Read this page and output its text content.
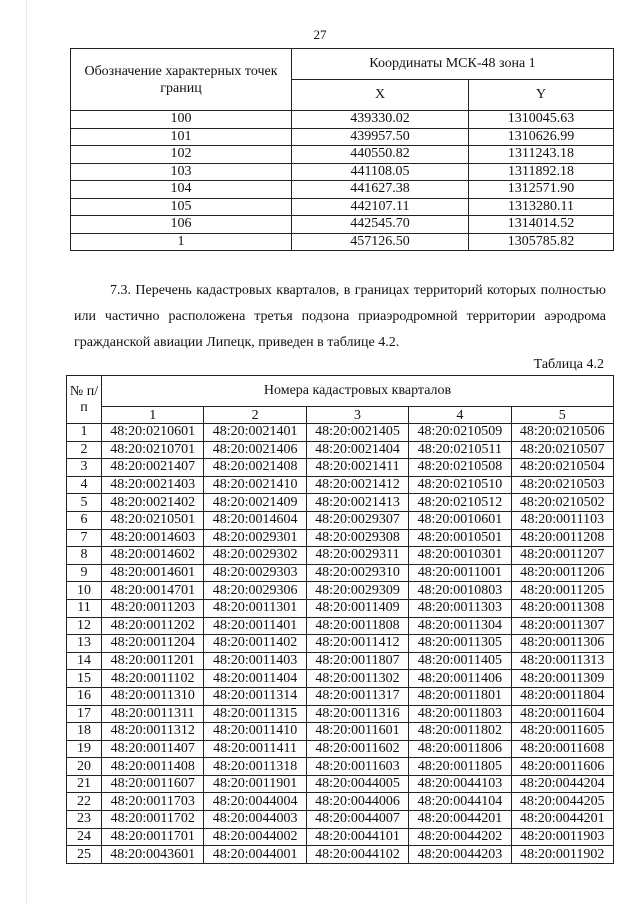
27
Обозначение характерных точек границ	Координаты МСК-48 зона 1	
	X	Y
100	439330.02	1310045.63
101	439957.50	1310626.99
102	440550.82	1311243.18
103	441108.05	1311892.18
104	441627.38	1312571.90
105	442107.11	1313280.11
106	442545.70	1314014.52
1	457126.50	1305785.82
7.3. Перечень кадастровых кварталов, в границах территорий которых полностью или частично расположена третья подзона приаэродромной территории аэродрома гражданской авиации Липецк, приведен в таблице 4.2.
Таблица 4.2
№ п/п	Номера кадастровых кварталов				
	1	2	3	4	5
1	48:20:0210601	48:20:0021401	48:20:0021405	48:20:0210509	48:20:0210506
2	48:20:0210701	48:20:0021406	48:20:0021404	48:20:0210511	48:20:0210507
3	48:20:0021407	48:20:0021408	48:20:0021411	48:20:0210508	48:20:0210504
4	48:20:0021403	48:20:0021410	48:20:0021412	48:20:0210510	48:20:0210503
5	48:20:0021402	48:20:0021409	48:20:0021413	48:20:0210512	48:20:0210502
6	48:20:0210501	48:20:0014604	48:20:0029307	48:20:0010601	48:20:0011103
7	48:20:0014603	48:20:0029301	48:20:0029308	48:20:0010501	48:20:0011208
8	48:20:0014602	48:20:0029302	48:20:0029311	48:20:0010301	48:20:0011207
9	48:20:0014601	48:20:0029303	48:20:0029310	48:20:0011001	48:20:0011206
10	48:20:0014701	48:20:0029306	48:20:0029309	48:20:0010803	48:20:0011205
11	48:20:0011203	48:20:0011301	48:20:0011409	48:20:0011303	48:20:0011308
12	48:20:0011202	48:20:0011401	48:20:0011808	48:20:0011304	48:20:0011307
13	48:20:0011204	48:20:0011402	48:20:0011412	48:20:0011305	48:20:0011306
14	48:20:0011201	48:20:0011403	48:20:0011807	48:20:0011405	48:20:0011313
15	48:20:0011102	48:20:0011404	48:20:0011302	48:20:0011406	48:20:0011309
16	48:20:0011310	48:20:0011314	48:20:0011317	48:20:0011801	48:20:0011804
17	48:20:0011311	48:20:0011315	48:20:0011316	48:20:0011803	48:20:0011604
18	48:20:0011312	48:20:0011410	48:20:0011601	48:20:0011802	48:20:0011605
19	48:20:0011407	48:20:0011411	48:20:0011602	48:20:0011806	48:20:0011608
20	48:20:0011408	48:20:0011318	48:20:0011603	48:20:0011805	48:20:0011606
21	48:20:0011607	48:20:0011901	48:20:0044005	48:20:0044103	48:20:0044204
22	48:20:0011703	48:20:0044004	48:20:0044006	48:20:0044104	48:20:0044205
23	48:20:0011702	48:20:0044003	48:20:0044007	48:20:0044201	48:20:0044201
24	48:20:0011701	48:20:0044002	48:20:0044101	48:20:0044202	48:20:0011903
25	48:20:0043601	48:20:0044001	48:20:0044102	48:20:0044203	48:20:0011902
